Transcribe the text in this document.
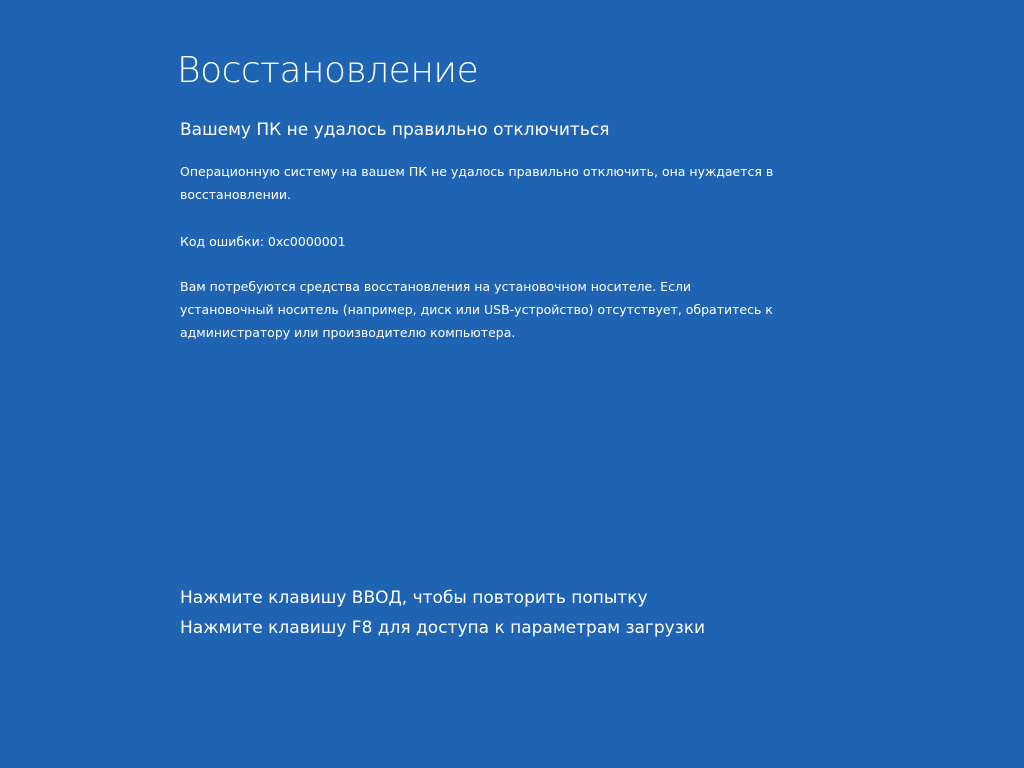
Восстановление
Вашему ПК не удалось правильно отключиться
Операционную систему на вашем ПК не удалось правильно отключить, она нуждается в восстановлении.
Код ошибки: 0xc0000001
Вам потребуются средства восстановления на установочном носителе. Если установочный носитель (например, диск или USB-устройство) отсутствует, обратитесь к администратору или производителю компьютера.
Нажмите клавишу ВВОД, чтобы повторить попытку
Нажмите клавишу F8 для доступа к параметрам загрузки
